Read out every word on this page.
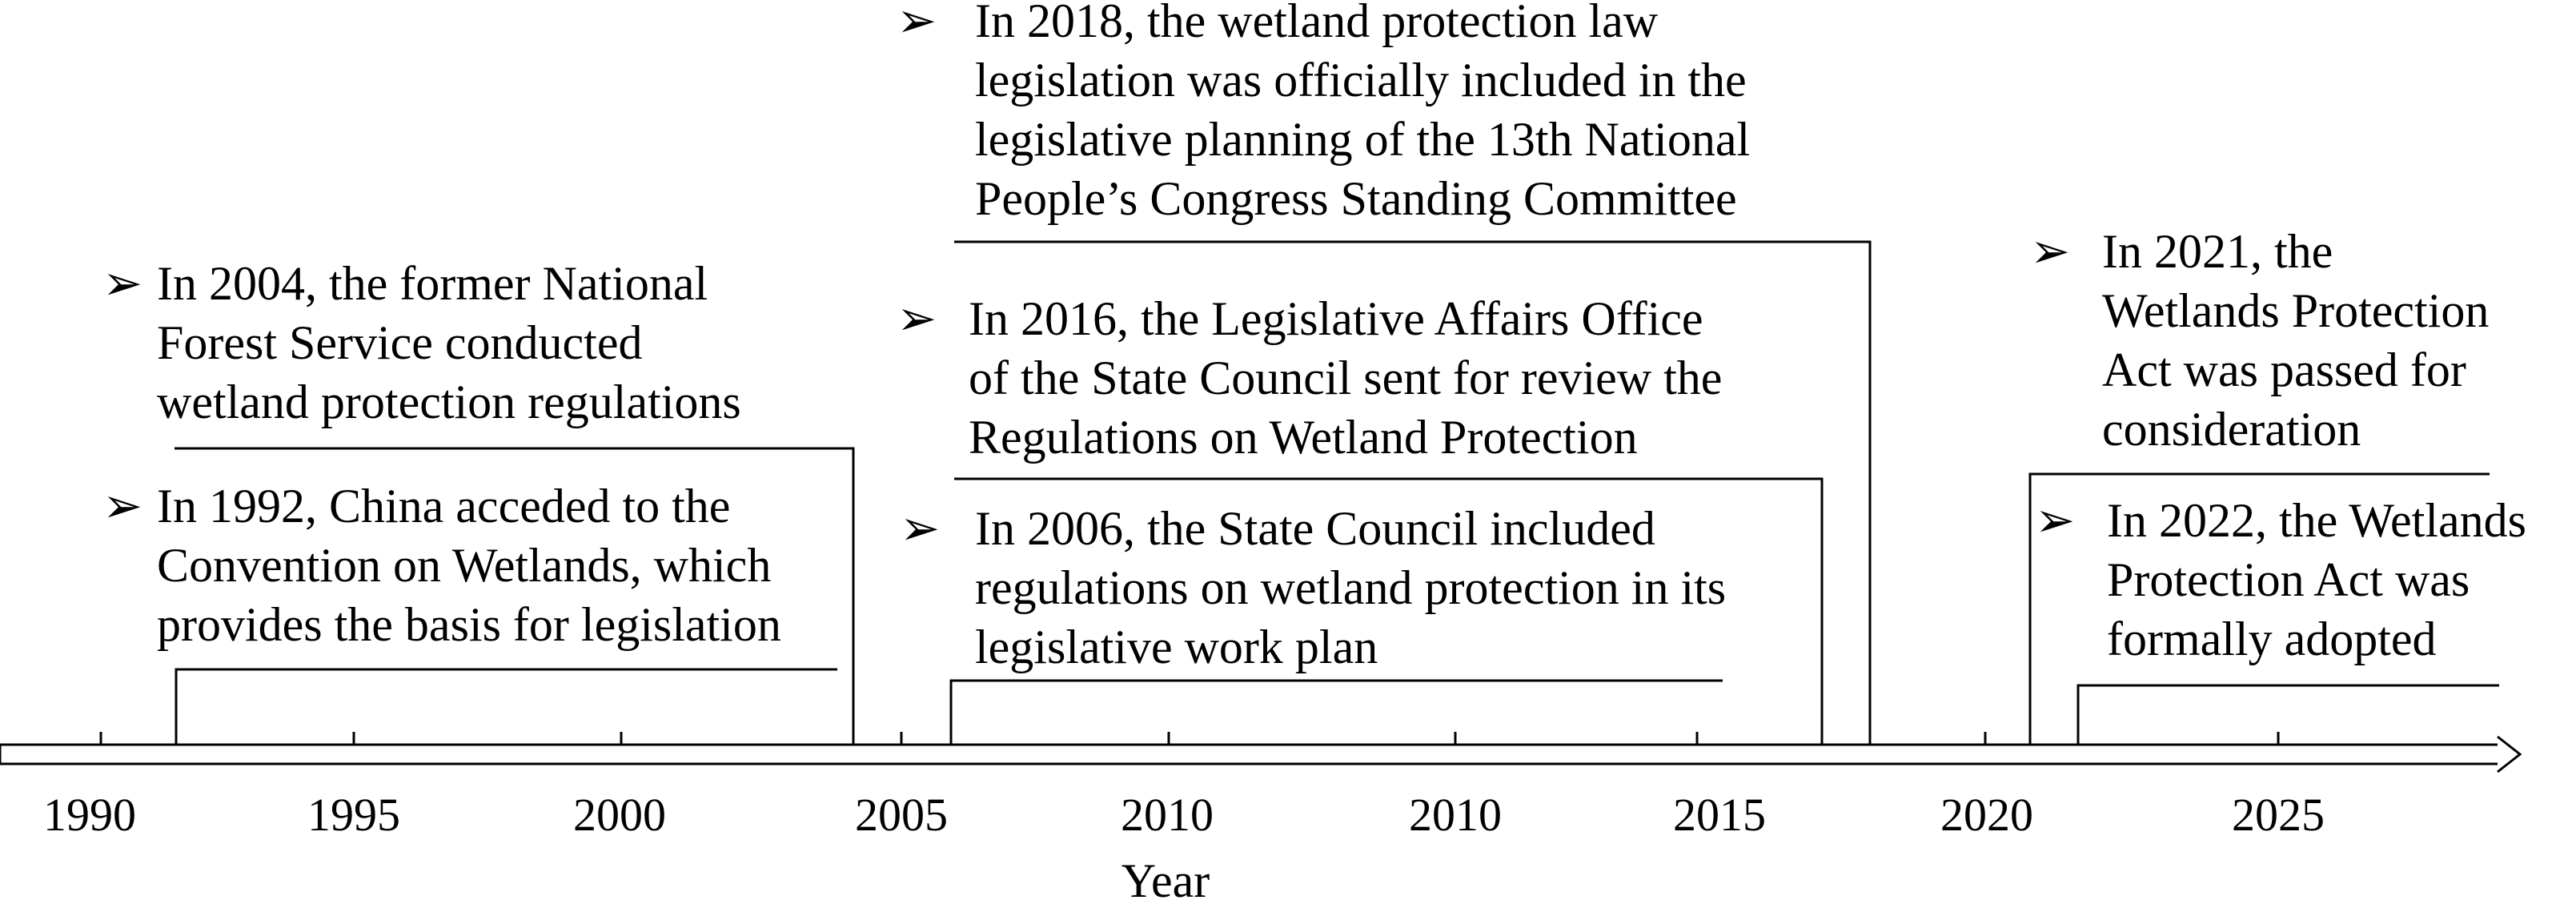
1990	1995	2000	2005	2010	2010	2015	2020	2025
Year
➢ In 1992, China acceded to the
Convention on Wetlands, which
provides the basis for legislation
➢ In 2004, the former National
Forest Service conducted
wetland protection regulations
➢ In 2006, the State Council included
regulations on wetland protection in its
legislative work plan
➢ In 2016, the Legislative Affairs Office
of the State Council sent for review the
Regulations on Wetland Protection
➢ In 2018, the wetland protection law
legislation was officially included in the
legislative planning of the 13th National
People’s Congress Standing Committee
➢ In 2021, the
Wetlands Protection
Act was passed for
consideration
➢ In 2022, the Wetlands
Protection Act was
formally adopted
